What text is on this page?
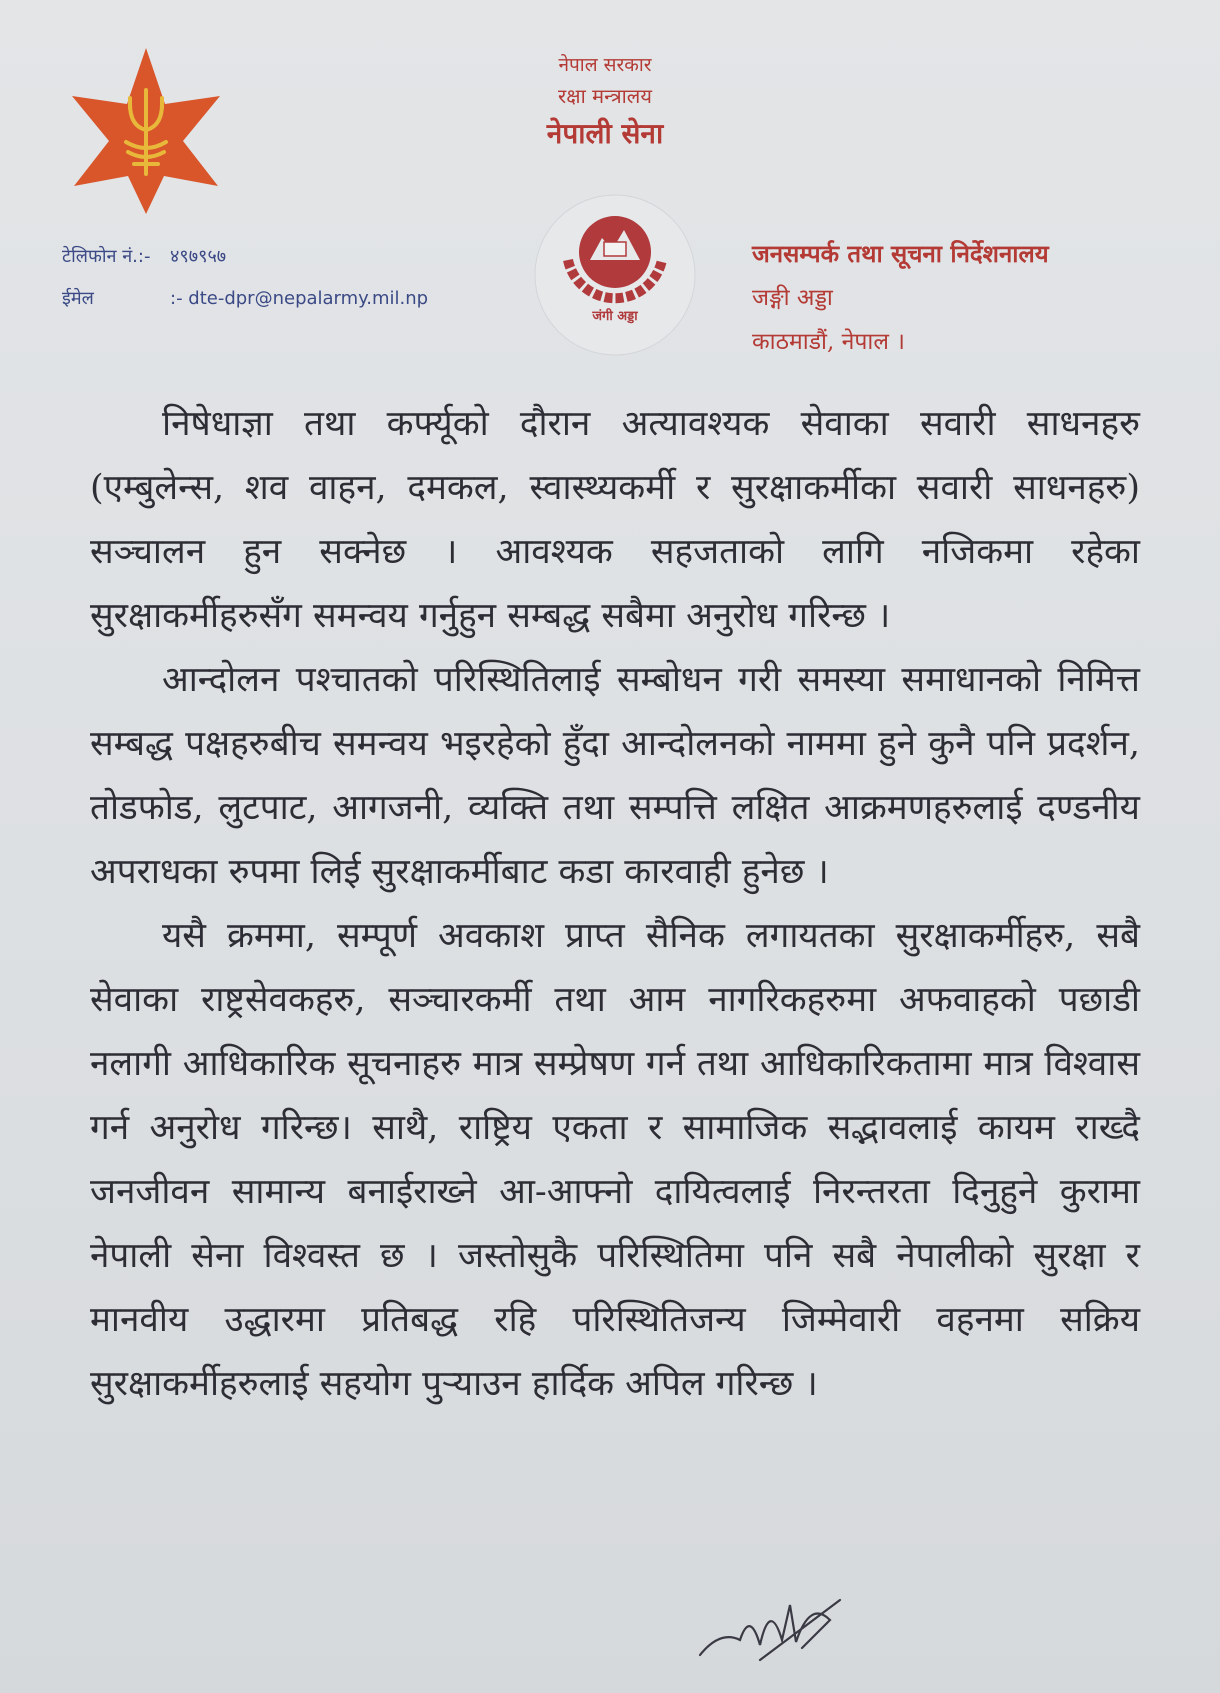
नेपाल सरकार
रक्षा मन्त्रालय
नेपाली सेना
टेलिफोन नं.:-	४९७९५७
ईमेल	:- dte-dpr@nepalarmy.mil.np
जंगी अड्डा
जनसम्पर्क तथा सूचना निर्देशनालय
जङ्गी अड्डा
काठमाडौं, नेपाल ।

निषेधाज्ञा तथा कर्फ्यूको दौरान अत्यावश्यक सेवाका सवारी साधनहरु (एम्बुलेन्स, शव वाहन, दमकल, स्वास्थ्यकर्मी र सुरक्षाकर्मीका सवारी साधनहरु) सञ्चालन हुन सक्नेछ । आवश्यक सहजताको लागि नजिकमा रहेका सुरक्षाकर्मीहरुसँग समन्वय गर्नुहुन सम्बद्ध सबैमा अनुरोध गरिन्छ ।

आन्दोलन पश्चातको परिस्थितिलाई सम्बोधन गरी समस्या समाधानको निमित्त सम्बद्ध पक्षहरुबीच समन्वय भइरहेको हुँदा आन्दोलनको नाममा हुने कुनै पनि प्रदर्शन, तोडफोड, लुटपाट, आगजनी, व्यक्ति तथा सम्पत्ति लक्षित आक्रमणहरुलाई दण्डनीय अपराधका रुपमा लिई सुरक्षाकर्मीबाट कडा कारवाही हुनेछ ।

यसै क्रममा, सम्पूर्ण अवकाश प्राप्त सैनिक लगायतका सुरक्षाकर्मीहरु, सबै सेवाका राष्ट्रसेवकहरु, सञ्चारकर्मी तथा आम नागरिकहरुमा अफवाहको पछाडी नलागी आधिकारिक सूचनाहरु मात्र सम्प्रेषण गर्न तथा आधिकारिकतामा मात्र विश्वास गर्न अनुरोध गरिन्छ। साथै, राष्ट्रिय एकता र सामाजिक सद्भावलाई कायम राख्दै जनजीवन सामान्य बनाईराख्ने आ-आफ्नो दायित्वलाई निरन्तरता दिनुहुने कुरामा नेपाली सेना विश्वस्त छ । जस्तोसुकै परिस्थितिमा पनि सबै नेपालीको सुरक्षा र मानवीय उद्धारमा प्रतिबद्ध रहि परिस्थितिजन्य जिम्मेवारी वहनमा सक्रिय सुरक्षाकर्मीहरुलाई सहयोग पुऱ्याउन हार्दिक अपिल गरिन्छ ।
